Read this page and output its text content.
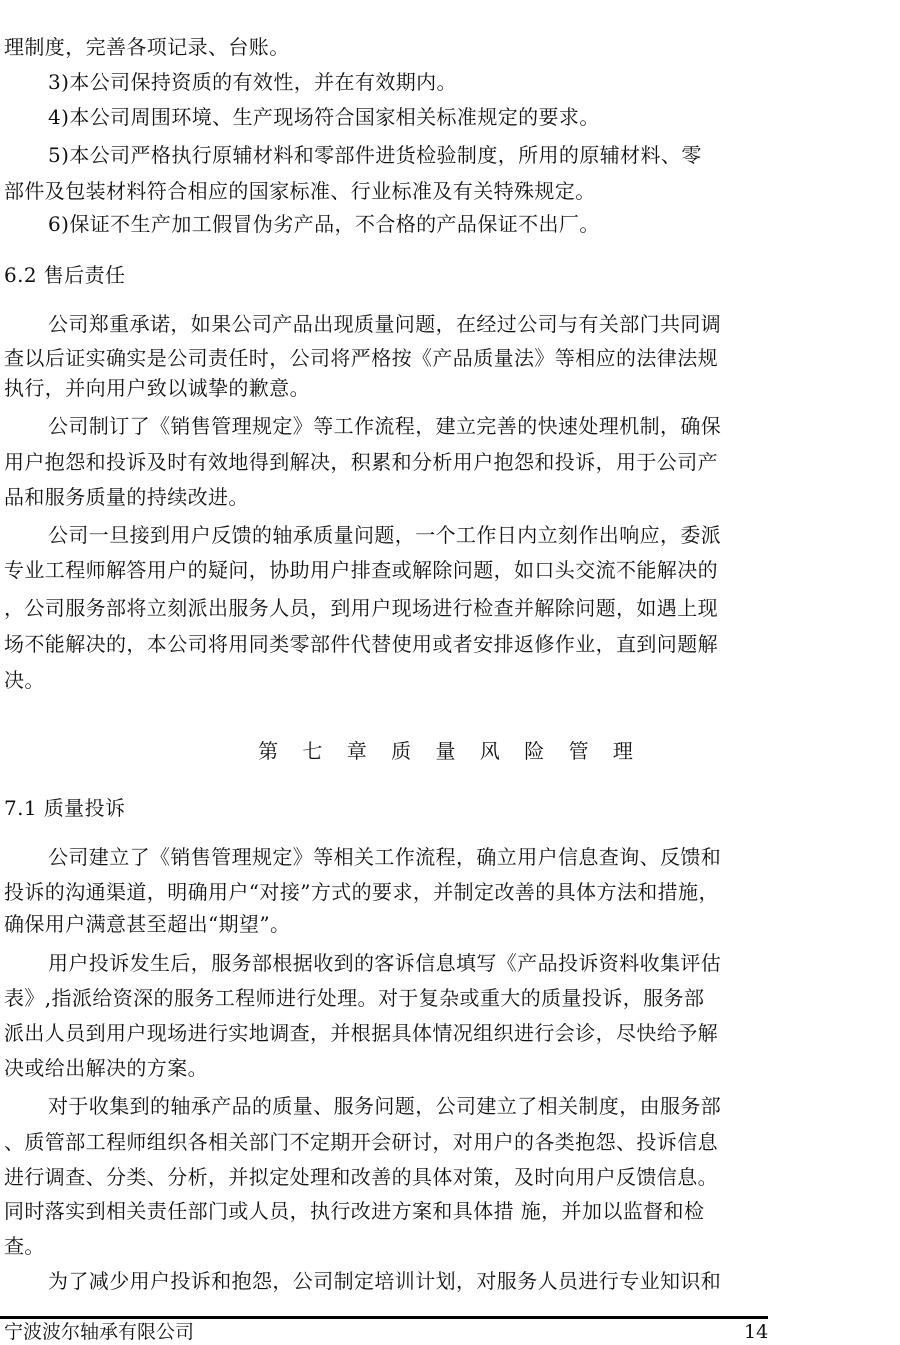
理制度，完善各项记录、台账。
3)本公司保持资质的有效性，并在有效期内。
4)本公司周围环境、生产现场符合国家相关标准规定的要求。
5)本公司严格执行原辅材料和零部件进货检验制度，所用的原辅材料、零
部件及包装材料符合相应的国家标准、行业标准及有关特殊规定。
6)保证不生产加工假冒伪劣产品，不合格的产品保证不出厂。
6.2 售后责任
公司郑重承诺，如果公司产品出现质量问题，在经过公司与有关部门共同调
查以后证实确实是公司责任时，公司将严格按《产品质量法》等相应的法律法规
执行，并向用户致以诚挚的歉意。
公司制订了《销售管理规定》等工作流程，建立完善的快速处理机制，确保
用户抱怨和投诉及时有效地得到解决，积累和分析用户抱怨和投诉，用于公司产
品和服务质量的持续改进。
公司一旦接到用户反馈的轴承质量问题，一个工作日内立刻作出响应，委派
专业工程师解答用户的疑问，协助用户排查或解除问题，如口头交流不能解决的
，公司服务部将立刻派出服务人员，到用户现场进行检查并解除问题，如遇上现
场不能解决的，本公司将用同类零部件代替使用或者安排返修作业，直到问题解
决。
7.1 质量投诉
公司建立了《销售管理规定》等相关工作流程，确立用户信息查询、反馈和
投诉的沟通渠道，明确用户“对接”方式的要求，并制定改善的具体方法和措施，
确保用户满意甚至超出“期望”。
用户投诉发生后，服务部根据收到的客诉信息填写《产品投诉资料收集评估
表》,指派给资深的服务工程师进行处理。对于复杂或重大的质量投诉，服务部
派出人员到用户现场进行实地调查，并根据具体情况组织进行会诊，尽快给予解
决或给出解决的方案。
对于收集到的轴承产品的质量、服务问题，公司建立了相关制度，由服务部
、质管部工程师组织各相关部门不定期开会研讨，对用户的各类抱怨、投诉信息
进行调查、分类、分析，并拟定处理和改善的具体对策，及时向用户反馈信息。
同时落实到相关责任部门或人员，执行改进方案和具体措 施，并加以监督和检
查。
为了减少用户投诉和抱怨，公司制定培训计划，对服务人员进行专业知识和
第 七 章 质 量 风 险 管 理
宁波波尔轴承有限公司	14
